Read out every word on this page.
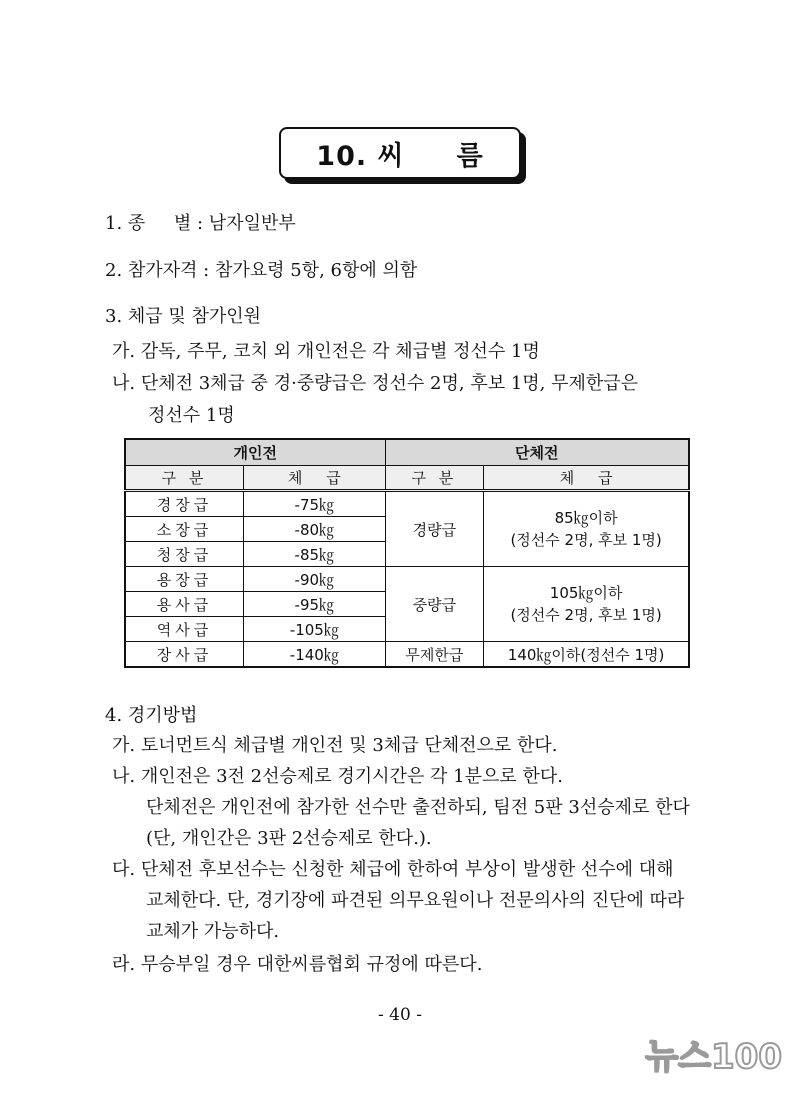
10. 씨     름
1. 종     별 : 남자일반부
2. 참가자격 : 참가요령 5항, 6항에 의함
3. 체급 및 참가인원
가. 감독, 주무, 코치 외 개인전은 각 체급별 정선수 1명
나. 단체전 3체급 중 경·중량급은 정선수 2명, 후보 1명, 무제한급은
정선수 1명
개인전		단체전	
구 분	체     급	구 분	체     급
경장급	-75㎏	경량급	85㎏이하
(정선수 2명, 후보 1명)

소장급	-80㎏		
청장급	-85㎏		
용장급	-90㎏	중량급	105㎏이하
(정선수 2명, 후보 1명)

용사급	-95㎏		
역사급	-105㎏		
장사급	-140㎏	무제한급	140㎏이하(정선수 1명)
4. 경기방법
가. 토너먼트식 체급별 개인전 및 3체급 단체전으로 한다.
나. 개인전은 3전 2선승제로 경기시간은 각 1분으로 한다.
단체전은 개인전에 참가한 선수만 출전하되, 팀전 5판 3선승제로 한다
(단, 개인간은 3판 2선승제로 한다.).
다. 단체전 후보선수는 신청한 체급에 한하여 부상이 발생한 선수에 대해
교체한다. 단, 경기장에 파견된 의무요원이나 전문의사의 진단에 따라
교체가 가능하다.
라. 무승부일 경우 대한씨름협회 규정에 따른다.
- 40 -
뉴스100
